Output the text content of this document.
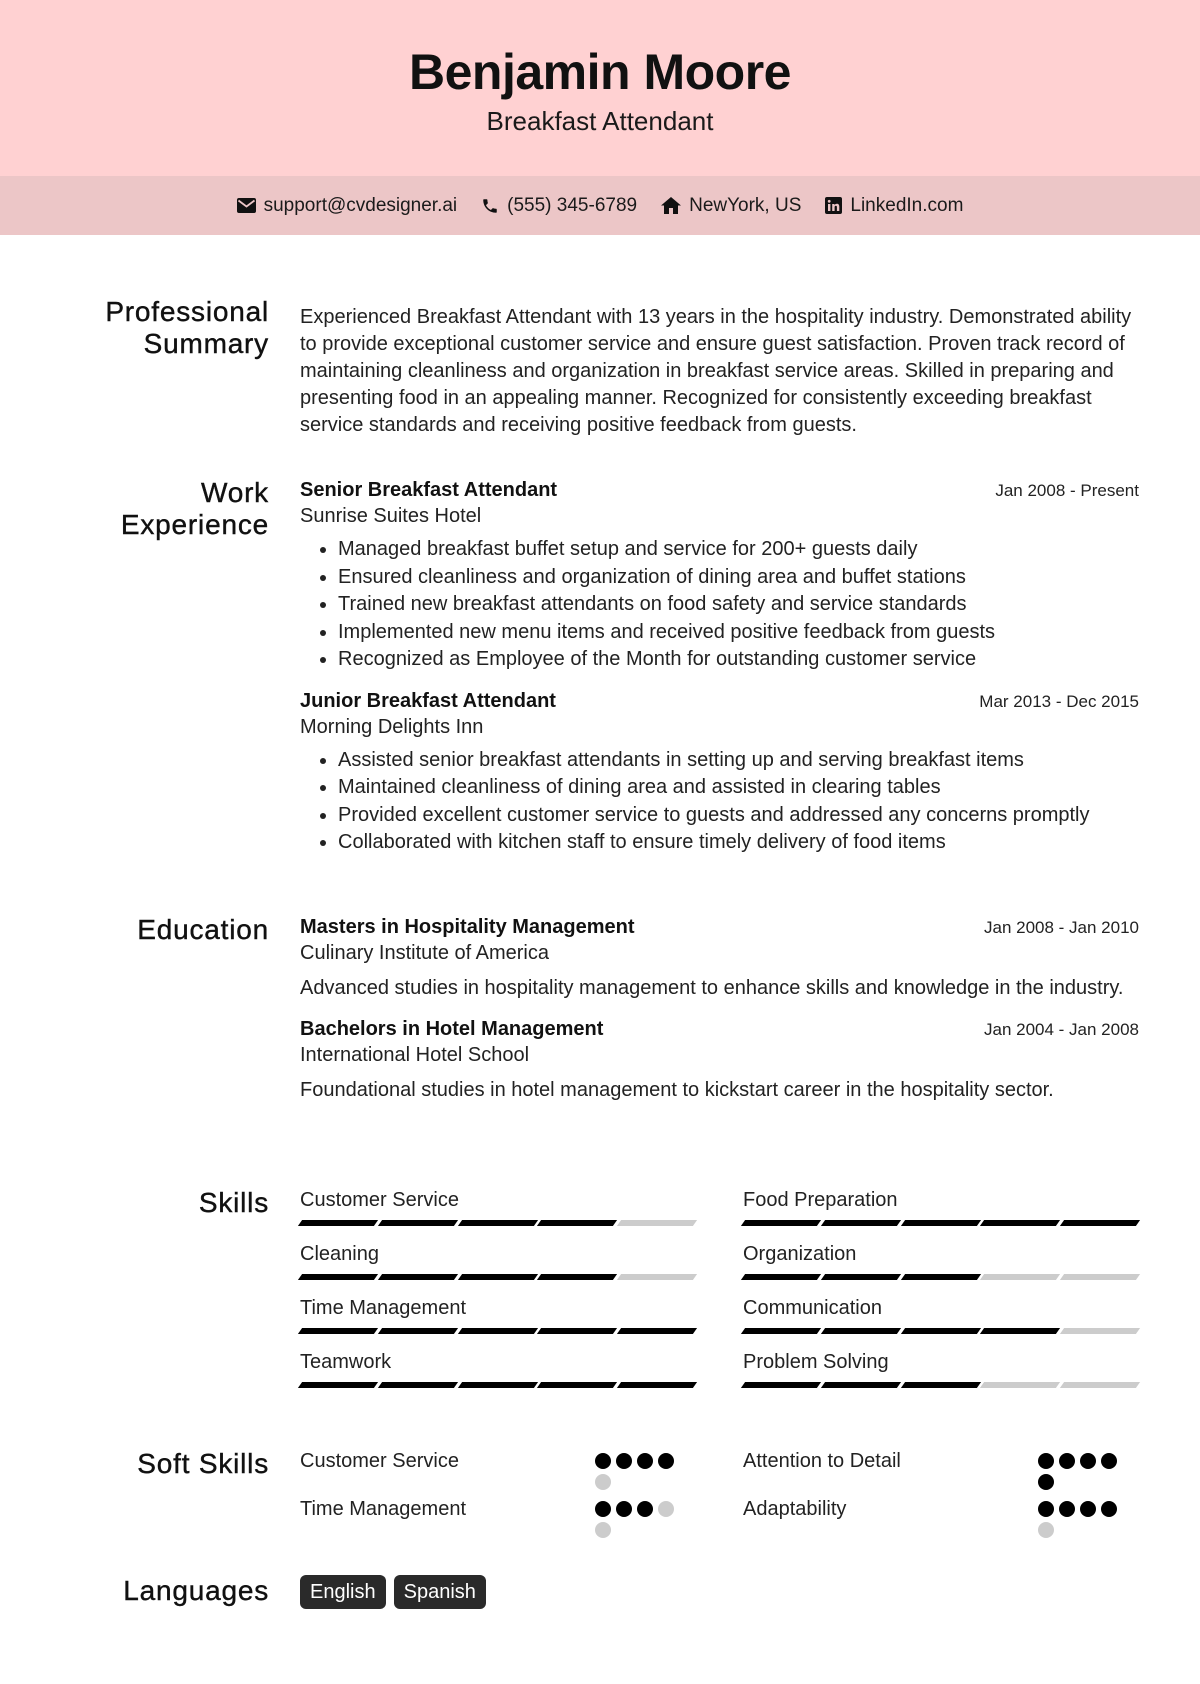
Benjamin Moore
Breakfast Attendant
support@cvdesigner.ai	(555) 345-6789	NewYork, US	LinkedIn.com
Professional
Summary

Experienced Breakfast Attendant with 13 years in the hospitality industry. Demonstrated ability to provide exceptional customer service and ensure guest satisfaction. Proven track record of maintaining cleanliness and organization in breakfast service areas. Skilled in preparing and presenting food in an appealing manner. Recognized for consistently exceeding breakfast service standards and receiving positive feedback from guests.

Work
Experience
Senior Breakfast Attendant	Jan 2008 - Present
Sunrise Suites Hotel
• Managed breakfast buffet setup and service for 200+ guests daily
• Ensured cleanliness and organization of dining area and buffet stations
• Trained new breakfast attendants on food safety and service standards
• Implemented new menu items and received positive feedback from guests
• Recognized as Employee of the Month for outstanding customer service
Junior Breakfast Attendant	Mar 2013 - Dec 2015
Morning Delights Inn
• Assisted senior breakfast attendants in setting up and serving breakfast items
• Maintained cleanliness of dining area and assisted in clearing tables
• Provided excellent customer service to guests and addressed any concerns promptly
• Collaborated with kitchen staff to ensure timely delivery of food items
Education Masters in Hospitality Management	Jan 2008 - Jan 2010
Culinary Institute of America
Advanced studies in hospitality management to enhance skills and knowledge in the industry.
Bachelors in Hotel Management	Jan 2004 - Jan 2008
International Hotel School
Foundational studies in hotel management to kickstart career in the hospitality sector.
Skills Customer Service	Food Preparation
Cleaning	Organization
Time Management	Communication
Teamwork	Problem Solving
Soft Skills Customer Service	Attention to Detail
Time Management	Adaptability
Languages	English	Spanish
